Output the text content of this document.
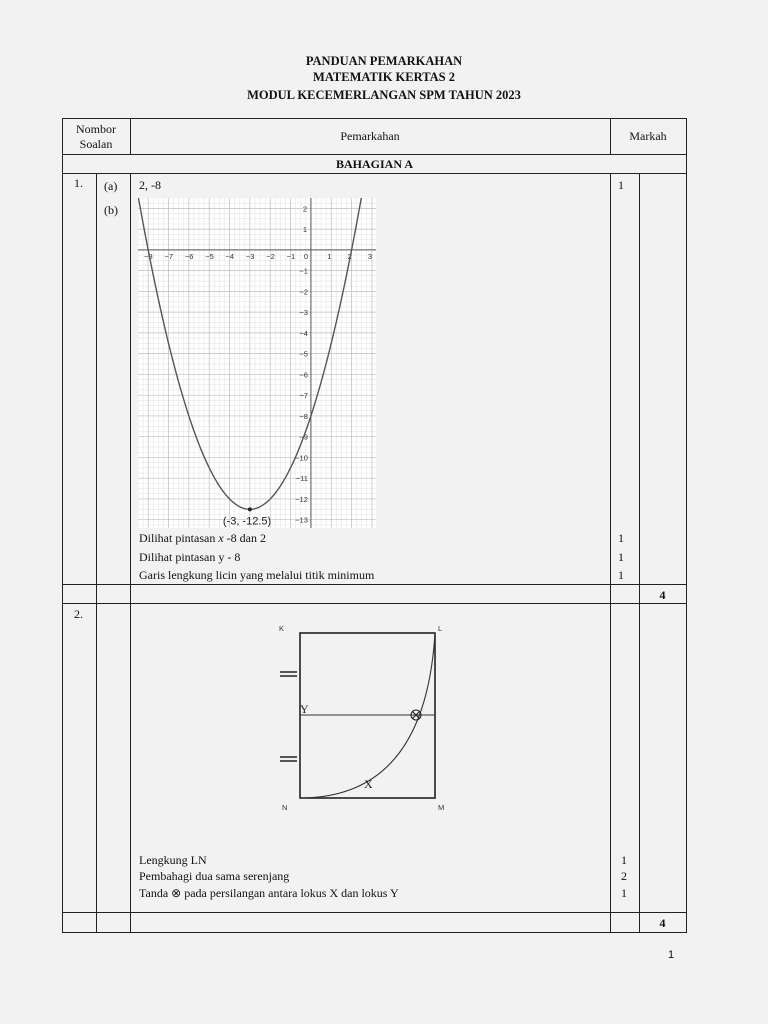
PANDUAN PEMARKAHAN
MATEMATIK KERTAS 2
MODUL KECEMERLANGAN SPM TAHUN 2023
Nombor
Soalan
Pemarkahan	Markah
BAHAGIAN A
1. (a) 2, -8	1
(b)
−8 −7 −6 −5 −4 −3 −2 −1 0	1 2 3
2
1
−1
−2
−3
−4
−5
−6
−7
−8
−9
−10
−11
−12
−13
(-3, -12.5)
Dilihat pintasan x -8 dan 2	1
Dilihat pintasan y - 8	1
Garis lengkung licin yang melalui titik minimum	1
4
2.
K	L
M
N
Y
X
Lengkung LN	1
Pembahagi dua sama serenjang	2
Tanda ⊗ pada persilangan antara lokus X dan lokus Y	1
4
1
